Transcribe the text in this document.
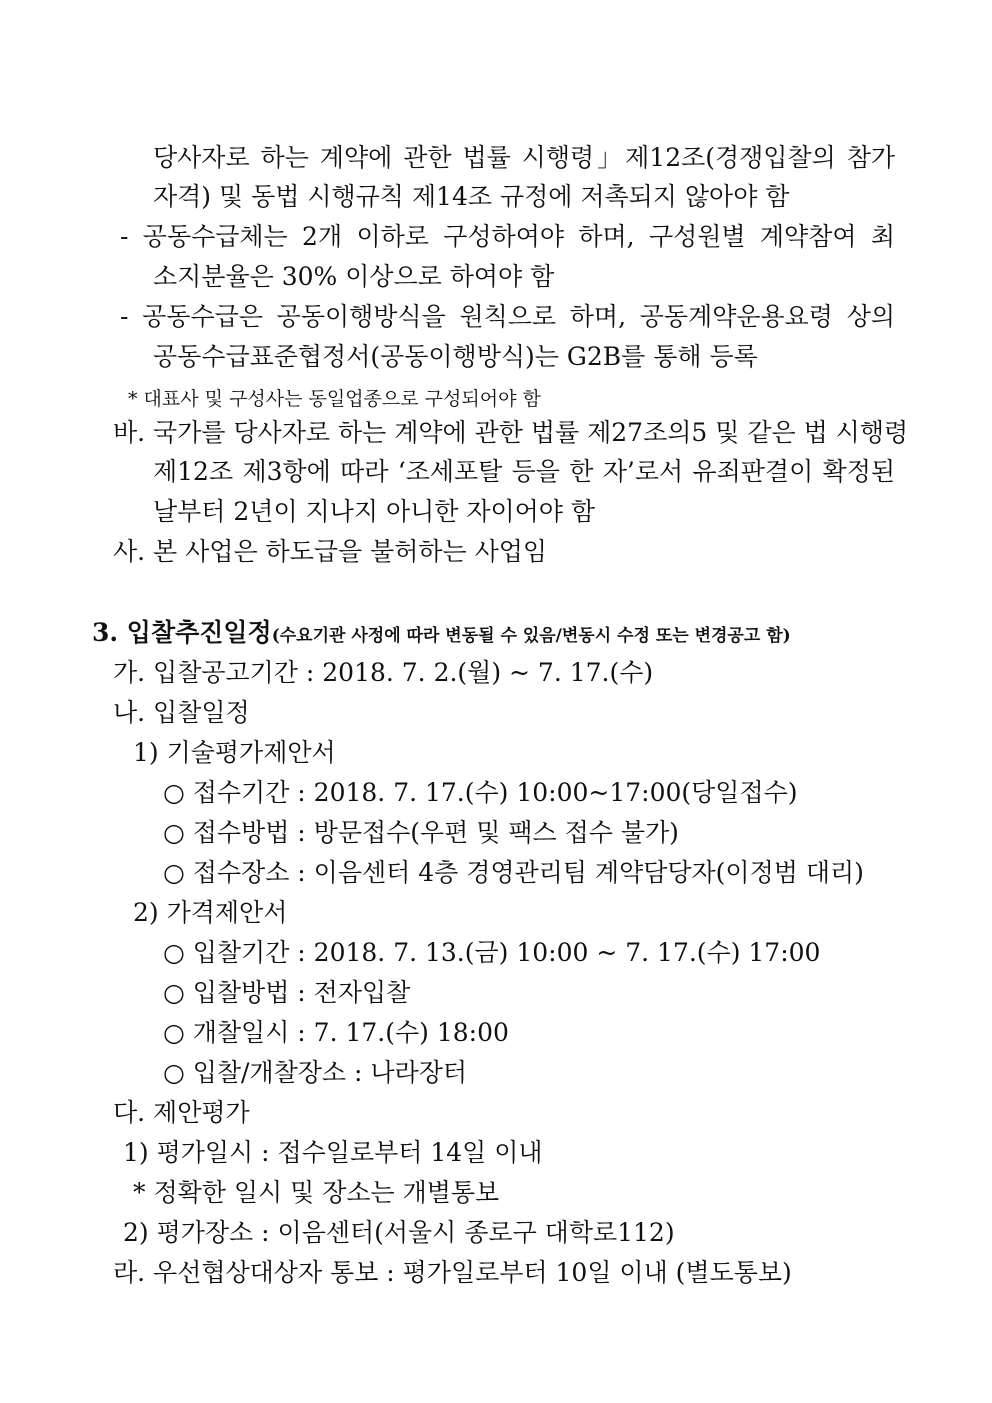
당사자로 하는 계약에 관한 법률 시행령」제12조(경쟁입찰의 참가
자격) 및 동법 시행규칙 제14조 규정에 저촉되지 않아야 함
- 공동수급체는 2개 이하로 구성하여야 하며, 구성원별 계약참여 최
소지분율은 30% 이상으로 하여야 함
- 공동수급은 공동이행방식을 원칙으로 하며, 공동계약운용요령 상의
공동수급표준협정서(공동이행방식)는 G2B를 통해 등록
* 대표사 및 구성사는 동일업종으로 구성되어야 함
바. 국가를 당사자로 하는 계약에 관한 법률 제27조의5 및 같은 법 시행령
제12조 제3항에 따라 ‘조세포탈 등을 한 자’로서 유죄판결이 확정된
날부터 2년이 지나지 아니한 자이어야 함
사. 본 사업은 하도급을 불허하는 사업임
3. 입찰추진일정(수요기관 사정에 따라 변동될 수 있음/변동시 수정 또는 변경공고 함)
가. 입찰공고기간 : 2018. 7. 2.(월) ~ 7. 17.(수)
나. 입찰일정
1) 기술평가제안서
○ 접수기간 : 2018. 7. 17.(수) 10:00~17:00(당일접수)
○ 접수방법 : 방문접수(우편 및 팩스 접수 불가)
○ 접수장소 : 이음센터 4층 경영관리팀 계약담당자(이정범 대리)
2) 가격제안서
○ 입찰기간 : 2018. 7. 13.(금) 10:00 ~ 7. 17.(수) 17:00
○ 입찰방법 : 전자입찰
○ 개찰일시 : 7. 17.(수) 18:00
○ 입찰/개찰장소 : 나라장터
다. 제안평가
1) 평가일시 : 접수일로부터 14일 이내
* 정확한 일시 및 장소는 개별통보
2) 평가장소 : 이음센터(서울시 종로구 대학로112)
라. 우선협상대상자 통보 : 평가일로부터 10일 이내 (별도통보)
